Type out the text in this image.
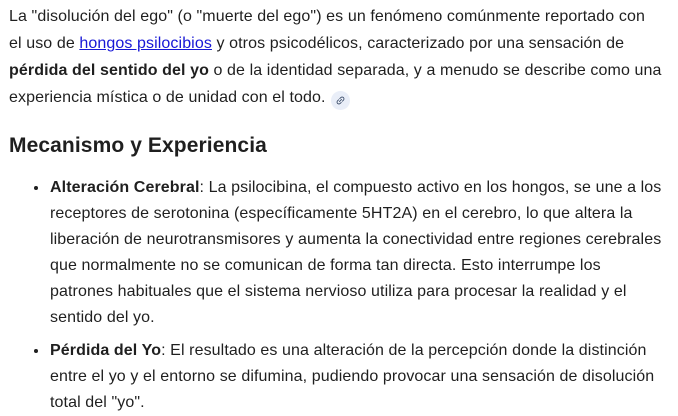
La "disolución del ego" (o "muerte del ego") es un fenómeno comúnmente reportado con el uso de hongos psilocibios y otros psicodélicos, caracterizado por una sensación de pérdida del sentido del yo o de la identidad separada, y a menudo se describe como una experiencia mística o de unidad con el todo.

Mecanismo y Experiencia
• Alteración Cerebral: La psilocibina, el compuesto activo en los hongos, se une a los receptores de serotonina (específicamente 5HT2A) en el cerebro, lo que altera la liberación de neurotransmisores y aumenta la conectividad entre regiones cerebrales que normalmente no se comunican de forma tan directa. Esto interrumpe los patrones habituales que el sistema nervioso utiliza para procesar la realidad y el sentido del yo.
• Pérdida del Yo: El resultado es una alteración de la percepción donde la distinción entre el yo y el entorno se difumina, pudiendo provocar una sensación de disolución total del "yo".
